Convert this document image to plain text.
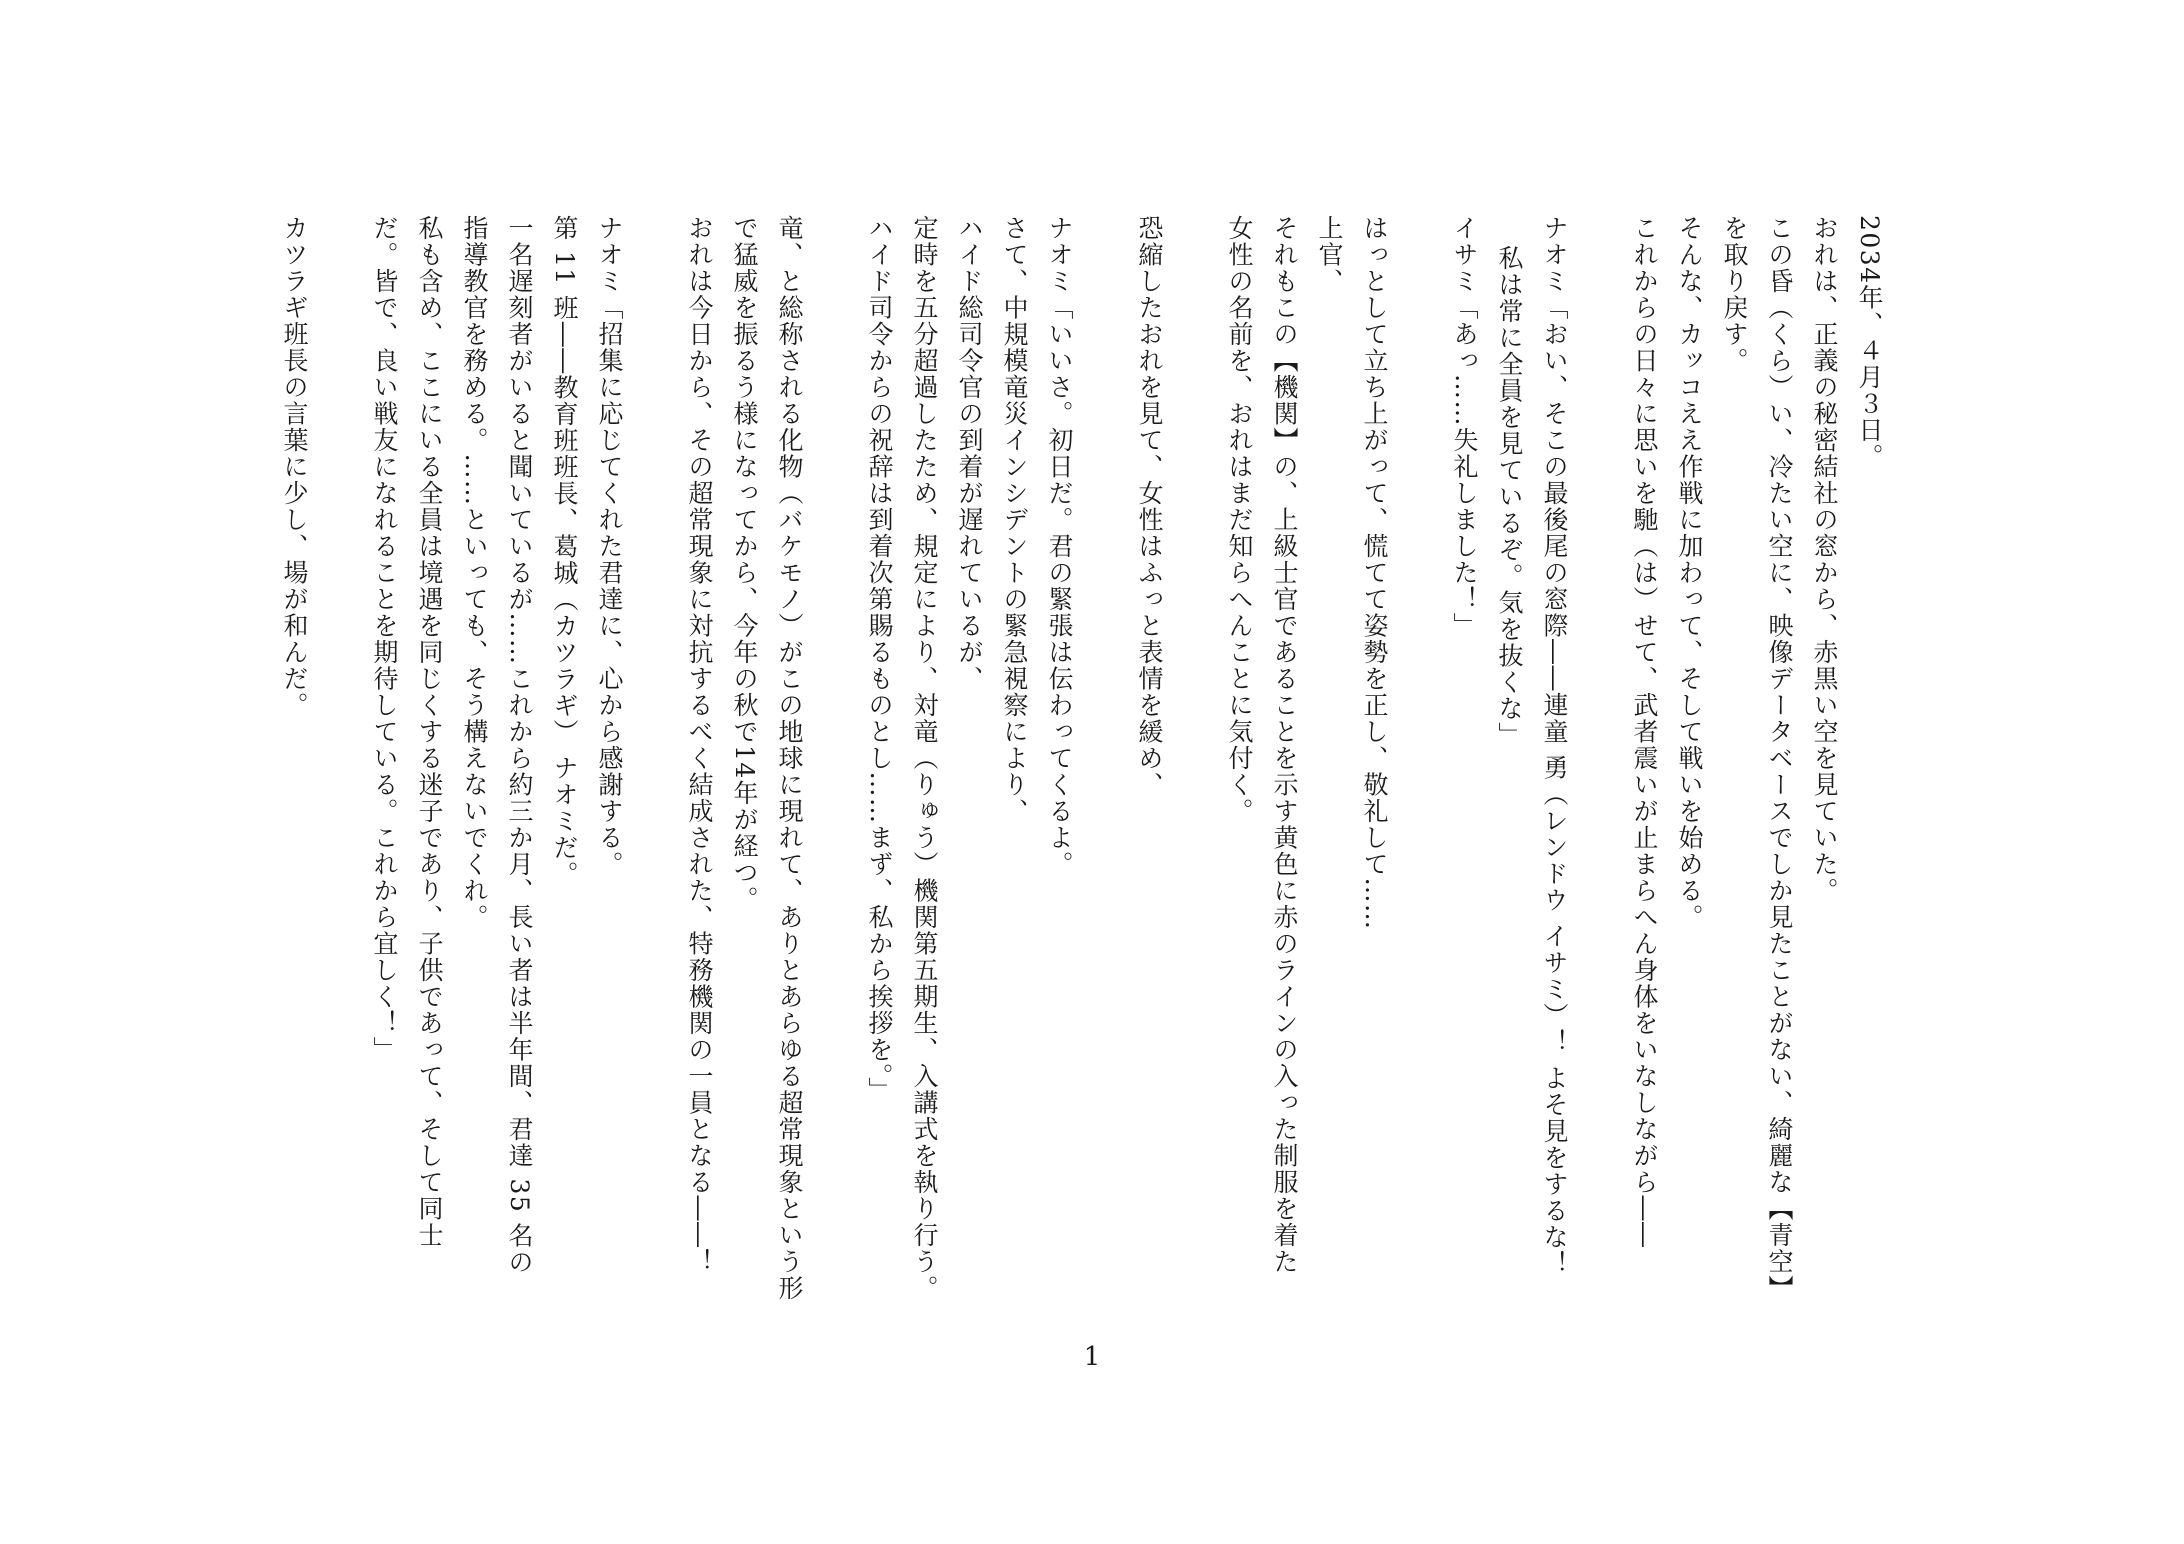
2034年、４月３日。
おれは、正義の秘密結社の窓から、赤黒い空を見ていた。
この昏（くら）い、冷たい空に、映像データベースでしか見たことがない、綺麗な【青空】
を取り戻す。
そんな、カッコええ作戦に加わって、そして戦いを始める。
これからの日々に思いを馳（は）せて、武者震いが止まらへん身体をいなしながら――

ナオミ「おい、そこの最後尾の窓際――連童 勇（レンドウ イサミ）！ よそ見をするな！
私は常に全員を見ているぞ。気を抜くな」
イサミ「あっ……失礼しました！」

はっとして立ち上がって、慌てて姿勢を正し、敬礼して……
上官、
それもこの【機関】の、上級士官であることを示す黄色に赤のラインの入った制服を着た
女性の名前を、おれはまだ知らへんことに気付く。

恐縮したおれを見て、女性はふっと表情を緩め、

ナオミ「いいさ。初日だ。君の緊張は伝わってくるよ。
さて、中規模竜災インシデントの緊急視察により、
ハイド総司令官の到着が遅れているが、
定時を五分超過したため、規定により、対竜（りゅう）機関第五期生、入講式を執り行う。
ハイド司令からの祝辞は到着次第賜るものとし……まず、私から挨拶を。」

竜、と総称される化物（バケモノ）がこの地球に現れて、ありとあらゆる超常現象という形
で猛威を振るう様になってから、今年の秋で14年が経つ。
おれは今日から、その超常現象に対抗するべく結成された、特務機関の一員となる――！

ナオミ「招集に応じてくれた君達に、心から感謝する。
第 11 班――教育班班長、葛城（カツラギ） ナオミだ。
一名遅刻者がいると聞いているが……これから約三か月、長い者は半年間、君達 35 名の
指導教官を務める。……といっても、そう構えないでくれ。
私も含め、ここにいる全員は境遇を同じくする迷子であり、子供であって、そして同士
だ。皆で、良い戦友になれることを期待している。これから宜しく！」

カツラギ班長の言葉に少し、場が和んだ。
1
